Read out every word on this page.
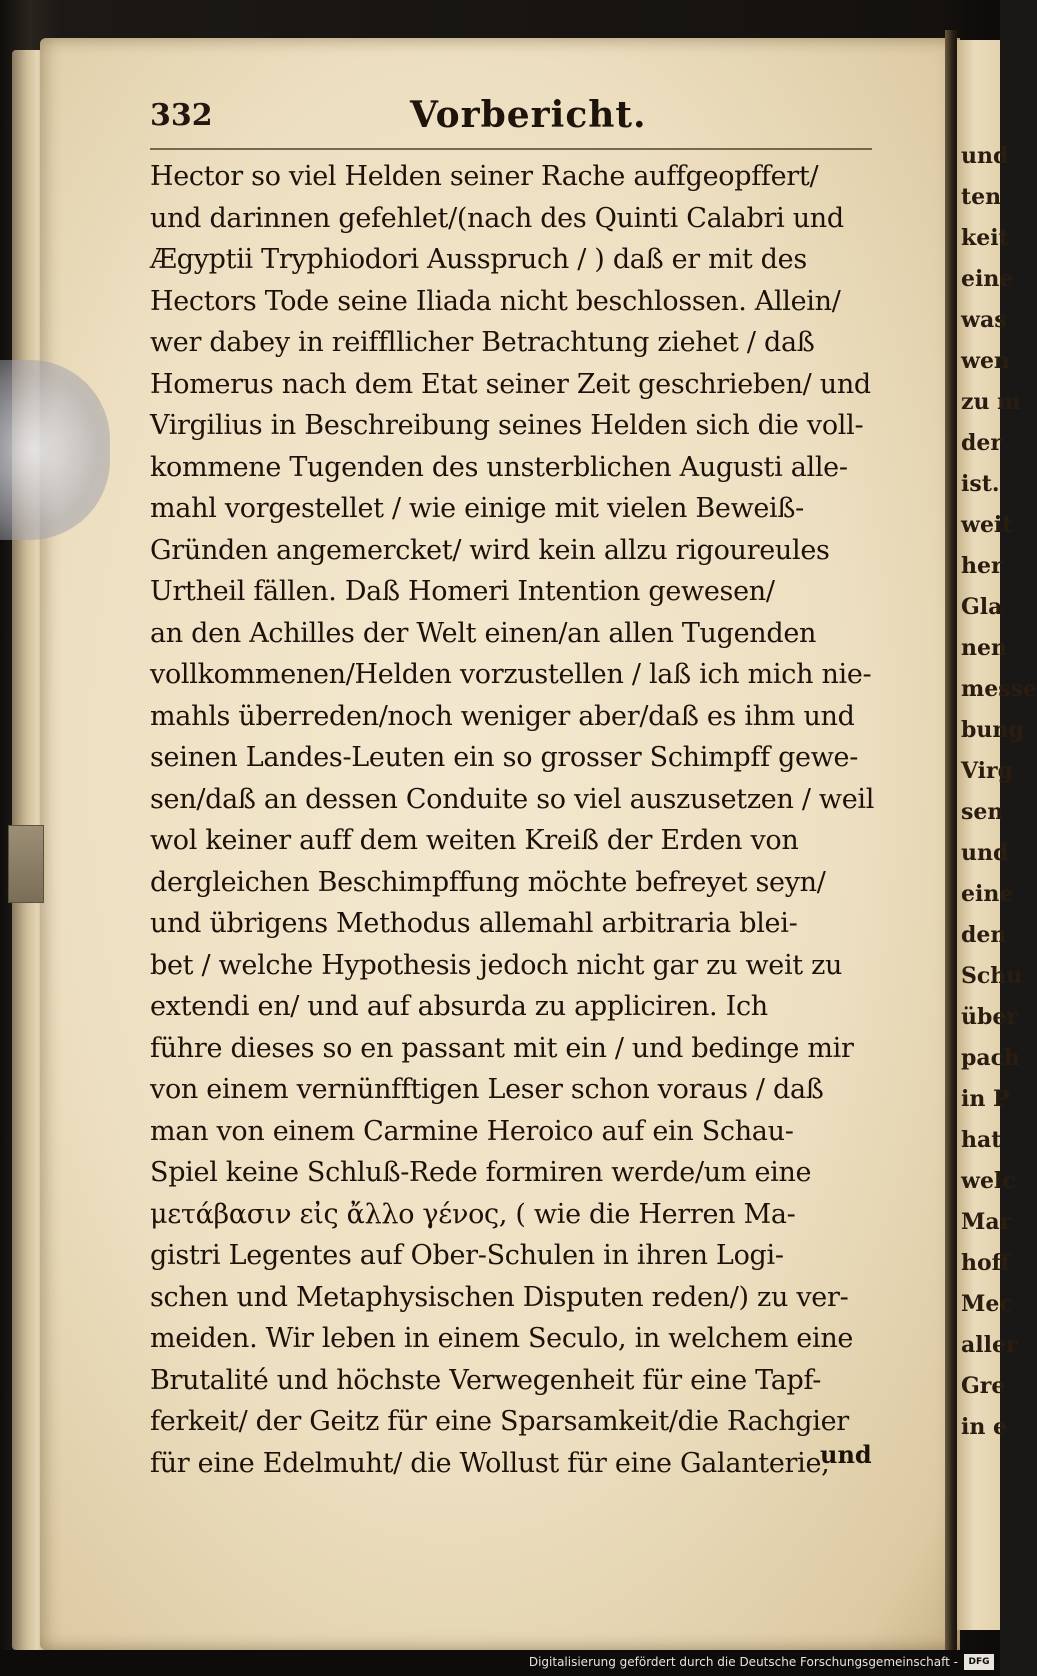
und
ten
keit
eine
was
wen
zu m
der
ist.
weit
her
Gla
nen
messe
bung
Virg
sen
und
eine
den
Schu
über
pach
in P
hat
welc
Mar
hoff
Mec
aller
Gre
in e
332	Vorbericht.
Hector so viel Helden seiner Rache auffgeopffert/
und darinnen gefehlet/(nach des Quinti Calabri und
Ægyptii Tryphiodori Ausspruch / ) daß er mit des
Hectors Tode seine Iliada nicht beschlossen. Allein/
wer dabey in reiffllicher Betrachtung ziehet / daß
Homerus nach dem Etat seiner Zeit geschrieben/ und
Virgilius in Beschreibung seines Helden sich die voll-
kommene Tugenden des unsterblichen Augusti alle-
mahl vorgestellet / wie einige mit vielen Beweiß-
Gründen angemercket/ wird kein allzu rigoureules
Urtheil fällen. Daß Homeri Intention gewesen/
an den Achilles der Welt einen/an allen Tugenden
vollkommenen/Helden vorzustellen / laß ich mich nie-
mahls überreden/noch weniger aber/daß es ihm und
seinen Landes-Leuten ein so grosser Schimpff gewe-
sen/daß an dessen Conduite so viel auszusetzen / weil
wol keiner auff dem weiten Kreiß der Erden von
dergleichen Beschimpffung möchte befreyet seyn/
und übrigens Methodus allemahl arbitraria blei-
bet / welche Hypothesis jedoch nicht gar zu weit zu
extendi en/ und auf absurda zu appliciren. Ich
führe dieses so en passant mit ein / und bedinge mir
von einem vernünfftigen Leser schon voraus / daß
man von einem Carmine Heroico auf ein Schau-
Spiel keine Schluß-Rede formiren werde/um eine
μετάβασιν εἰς ἄλλο γένος, ( wie die Herren Ma-
gistri Legentes auf Ober-Schulen in ihren Logi-
schen und Metaphysischen Disputen reden/) zu ver-
meiden. Wir leben in einem Seculo, in welchem eine
Brutalité und höchste Verwegenheit für eine Tapf-
ferkeit/ der Geitz für eine Sparsamkeit/die Rachgier
für eine Edelmuht/ die Wollust für eine Galanterie,
und
Digitalisierung gefördert durch die Deutsche Forschungsgemeinschaft -	DFG
